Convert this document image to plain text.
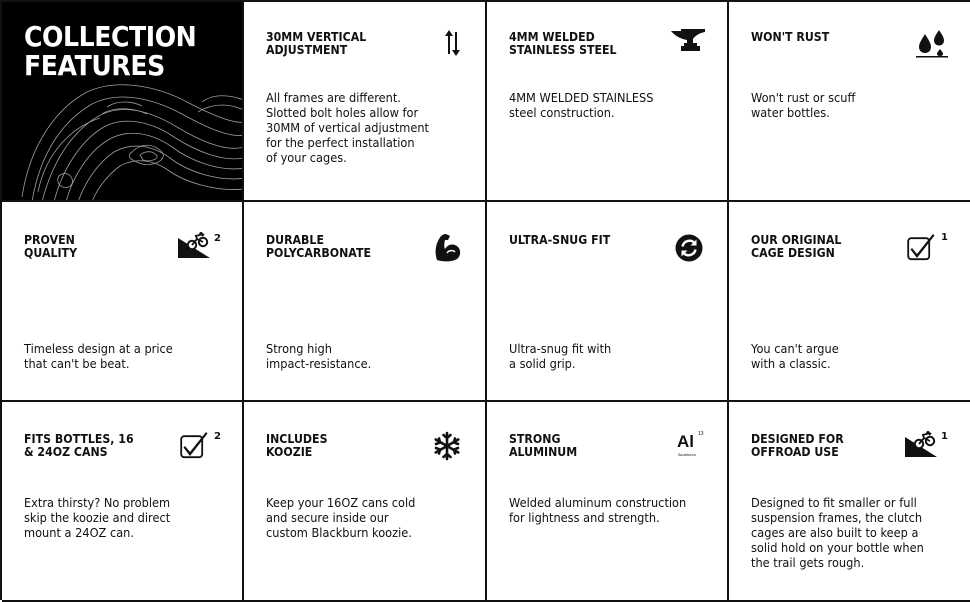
COLLECTION
FEATURES
30MM VERTICAL
ADJUSTMENT
All frames are different.
Slotted bolt holes allow for
30MM of vertical adjustment
for the perfect installation
of your cages.
4MM WELDED
STAINLESS STEEL
4MM WELDED STAINLESS
steel construction.
WON'T RUST
Won't rust or scuff
water bottles.
PROVEN
QUALITY
2
Timeless design at a price
that can't be beat.
DURABLE
POLYCARBONATE
Strong high
impact-resistance.
ULTRA-SNUG FIT
Ultra-snug fit with
a solid grip.
OUR ORIGINAL
CAGE DESIGN
1
You can't argue
with a classic.
FITS BOTTLES, 16
& 24OZ CANS
2
Extra thirsty? No problem
skip the koozie and direct
mount a 24OZ can.
INCLUDES
KOOZIE
Keep your 16OZ cans cold
and secure inside our
custom Blackburn koozie.
STRONG
ALUMINUM
Al 13
Aluminum
Welded aluminum construction
for lightness and strength.
DESIGNED FOR
OFFROAD USE
1
Designed to fit smaller or full
suspension frames, the clutch
cages are also built to keep a
solid hold on your bottle when
the trail gets rough.
